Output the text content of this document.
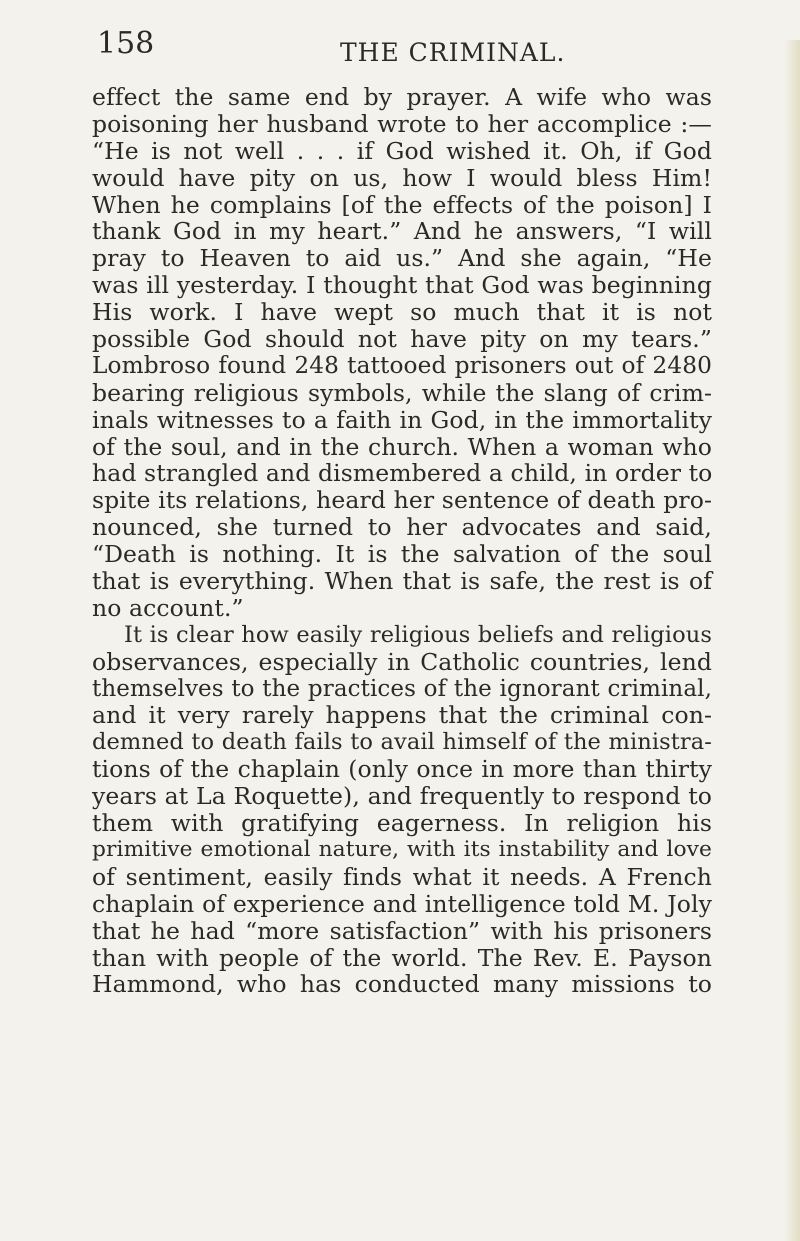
158	THE CRIMINAL.
effect the same end by prayer. A wife who was
poisoning her husband wrote to her accomplice :—
“He is not well . . . if God wished it. Oh, if God
would have pity on us, how I would bless Him!
When he complains [of the effects of the poison] I
thank God in my heart.” And he answers, “I will
pray to Heaven to aid us.” And she again, “He
was ill yesterday. I thought that God was beginning
His work. I have wept so much that it is not
possible God should not have pity on my tears.”
Lombroso found 248 tattooed prisoners out of 2480
bearing religious symbols, while the slang of crim-
inals witnesses to a faith in God, in the immortality
of the soul, and in the church. When a woman who
had strangled and dismembered a child, in order to
spite its relations, heard her sentence of death pro-
nounced, she turned to her advocates and said,
“Death is nothing. It is the salvation of the soul
that is everything. When that is safe, the rest is of
no account.”
It is clear how easily religious beliefs and religious
observances, especially in Catholic countries, lend
themselves to the practices of the ignorant criminal,
and it very rarely happens that the criminal con-
demned to death fails to avail himself of the ministra-
tions of the chaplain (only once in more than thirty
years at La Roquette), and frequently to respond to
them with gratifying eagerness. In religion his
primitive emotional nature, with its instability and love
of sentiment, easily finds what it needs. A French
chaplain of experience and intelligence told M. Joly
that he had “more satisfaction” with his prisoners
than with people of the world. The Rev. E. Payson
Hammond, who has conducted many missions to
